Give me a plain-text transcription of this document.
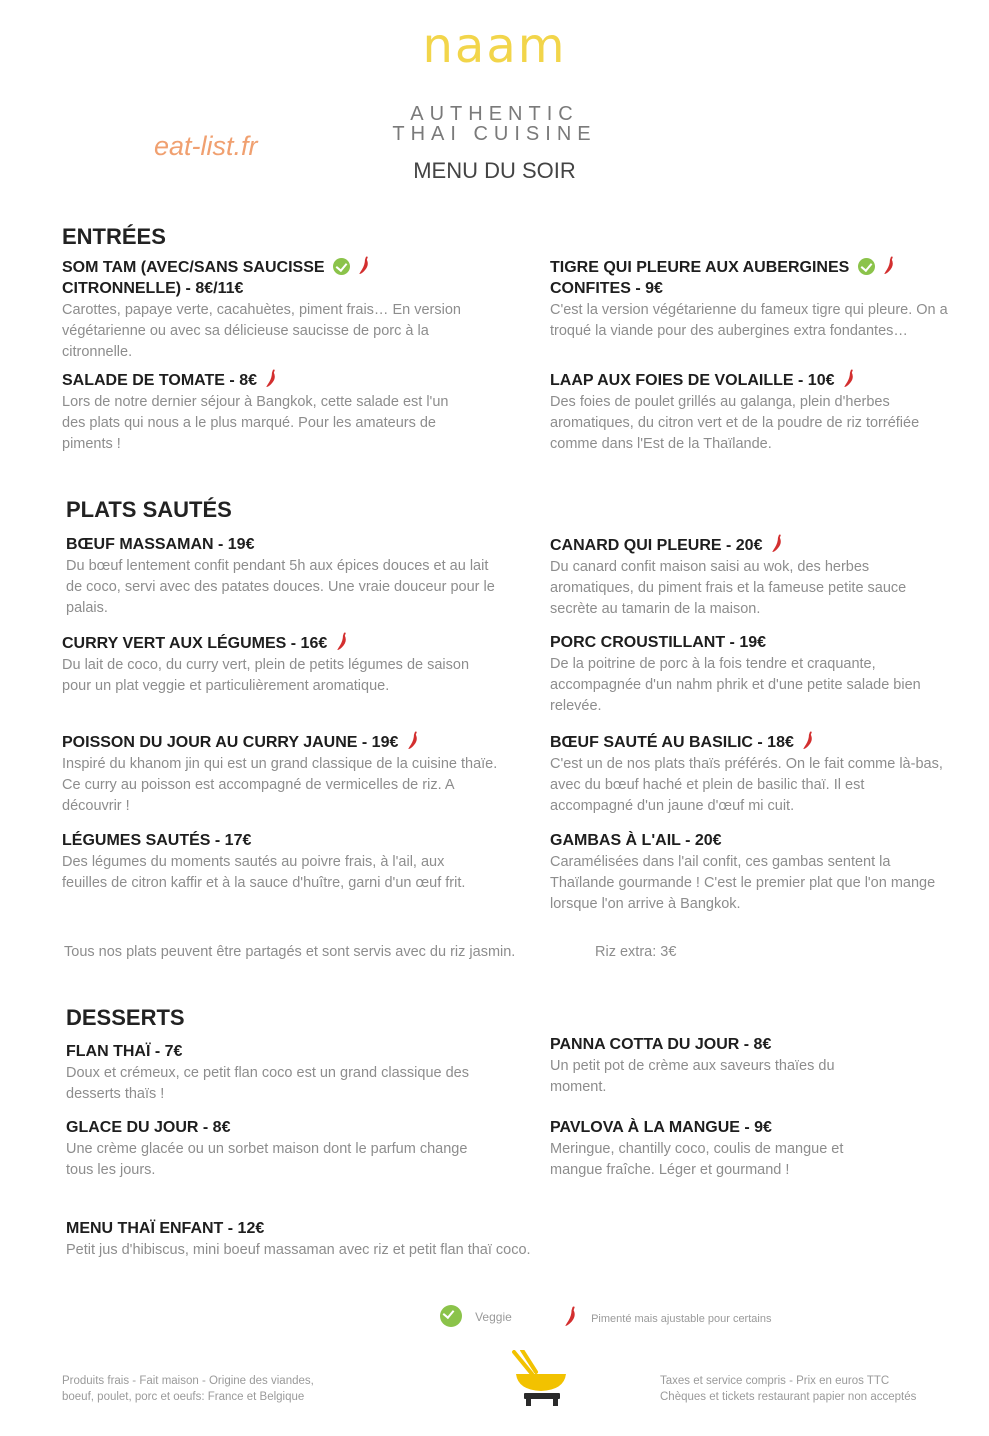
naam
AUTHENTIC
THAI CUISINE
MENU DU SOIR
eat-list.fr
ENTRÉES
SOM TAM (AVEC/SANS SAUCISSE
CITRONNELLE) - 8€/11€
Carottes, papaye verte, cacahuètes, piment frais… En version végétarienne ou avec sa délicieuse saucisse de porc à la citronnelle.
TIGRE QUI PLEURE AUX AUBERGINES
CONFITES - 9€
C'est la version végétarienne du fameux tigre qui pleure. On a troqué la viande pour des aubergines extra fondantes…
SALADE DE TOMATE - 8€
Lors de notre dernier séjour à Bangkok, cette salade est l'un des plats qui nous a le plus marqué. Pour les amateurs de piments !
LAAP AUX FOIES DE VOLAILLE - 10€
Des foies de poulet grillés au galanga, plein d'herbes aromatiques, du citron vert et de la poudre de riz torréfiée comme dans l'Est de la Thaïlande.
PLATS SAUTÉS
BŒUF MASSAMAN - 19€
Du bœuf lentement confit pendant 5h aux épices douces et au lait de coco, servi avec des patates douces. Une vraie douceur pour le palais.
CANARD QUI PLEURE - 20€
Du canard confit maison saisi au wok, des herbes aromatiques, du piment frais et la fameuse petite sauce secrète au tamarin de la maison.
CURRY VERT AUX LÉGUMES - 16€
Du lait de coco, du curry vert, plein de petits légumes de saison pour un plat veggie et particulièrement aromatique.
PORC CROUSTILLANT - 19€
De la poitrine de porc à la fois tendre et craquante, accompagnée d'un nahm phrik et d'une petite salade bien relevée.
POISSON DU JOUR AU CURRY JAUNE - 19€
Inspiré du khanom jin qui est un grand classique de la cuisine thaïe. Ce curry au poisson est accompagné de vermicelles de riz. A découvrir !
BŒUF SAUTÉ AU BASILIC - 18€
C'est un de nos plats thaïs préférés. On le fait comme là-bas, avec du bœuf haché et plein de basilic thaï. Il est accompagné d'un jaune d'œuf mi cuit.
LÉGUMES SAUTÉS - 17€
Des légumes du moments sautés au poivre frais, à l'ail, aux feuilles de citron kaffir et à la sauce d'huître, garni d'un œuf frit.
GAMBAS À L'AIL - 20€
Caramélisées dans l'ail confit, ces gambas sentent la Thaïlande gourmande ! C'est le premier plat que l'on mange lorsque l'on arrive à Bangkok.
Tous nos plats peuvent être partagés et sont servis avec du riz jasmin.	Riz extra: 3€
DESSERTS
FLAN THAÏ - 7€
Doux et crémeux, ce petit flan coco est un grand classique des desserts thaïs !
PANNA COTTA DU JOUR - 8€
Un petit pot de crème aux saveurs thaïes du moment.
GLACE DU JOUR - 8€
Une crème glacée ou un sorbet maison dont le parfum change tous les jours.
PAVLOVA À LA MANGUE - 9€
Meringue, chantilly coco, coulis de mangue et mangue fraîche. Léger et gourmand !
MENU THAÏ ENFANT - 12€
Petit jus d'hibiscus, mini boeuf massaman avec riz et petit flan thaï coco.
Veggie	Pimenté mais ajustable pour certains
Produits frais - Fait maison - Origine des viandes,
boeuf, poulet, porc et oeufs: France et Belgique
Taxes et service compris - Prix en euros TTC
Chèques et tickets restaurant papier non acceptés
